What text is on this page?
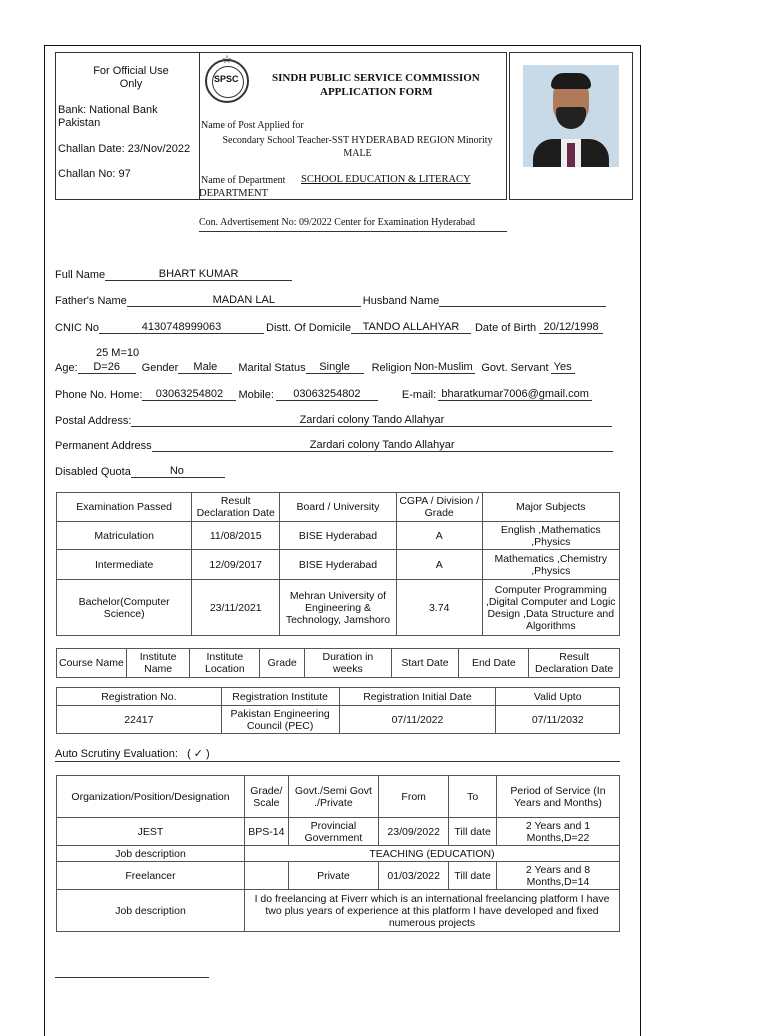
For Official Use Only
Bank: National Bank Pakistan
Challan Date: 23/Nov/2022
Challan No: 97
☆
SPSC	SINDH PUBLIC SERVICE COMMISSION
APPLICATION FORM
Name of Post Applied for
Secondary School Teacher-SST HYDERABAD REGION Minority MALE
Name of Department SCHOOL EDUCATION & LITERACY
DEPARTMENT
Con. Advertisement No: 09/2022 Center for Examination Hyderabad
Full Name	BHART KUMAR
Father's Name	MADAN LAL	Husband Name
CNIC No	4130748999063	Distt. Of Domicile TANDO ALLAHYAR Date of Birth 20/12/1998
25 M=10
Age: D=26 Gender Male Marital Status Single Religion Non-Muslim Govt. Servant Yes
Phone No. Home: 03063254802 Mobile: 03063254802	E-mail: bharatkumar7006@gmail.com
Postal Address:	Zardari colony Tando Allahyar
Permanent Address	Zardari colony Tando Allahyar
Disabled Quota	No
Examination Passed	Result Declaration Date	Board / University	CGPA / Division / Grade	Major Subjects
Matriculation	11/08/2015	BISE Hyderabad	A	English ,Mathematics ,Physics
Intermediate	12/09/2017	BISE Hyderabad	A	Mathematics ,Chemistry ,Physics
Bachelor(Computer Science)	23/11/2021	Mehran University of Engineering & Technology, Jamshoro	3.74	Computer Programming ,Digital Computer and Logic Design ,Data Structure and Algorithms
Course Name	Institute Name	Institute Location	Grade	Duration in weeks	Start Date	End Date	Result Declaration Date
Registration No.	Registration Institute	Registration Initial Date	Valid Upto
22417	Pakistan Engineering Council (PEC)	07/11/2022	07/11/2032
Auto Scrutiny Evaluation:   ( ✓ )
Organization/Position/Designation	Grade/ Scale	Govt./Semi Govt ./Private	From	To	Period of Service (In Years and Months)
JEST	BPS-14	Provincial Government	23/09/2022	Till date	2 Years and 1 Months,D=22
Job description	TEACHING (EDUCATION)				
Freelancer		Private	01/03/2022	Till date	2 Years and 8 Months,D=14
Job description	I do freelancing at Fiverr which is an international freelancing platform I have two plus years of experience at this platform I have developed and fixed numerous projects				
